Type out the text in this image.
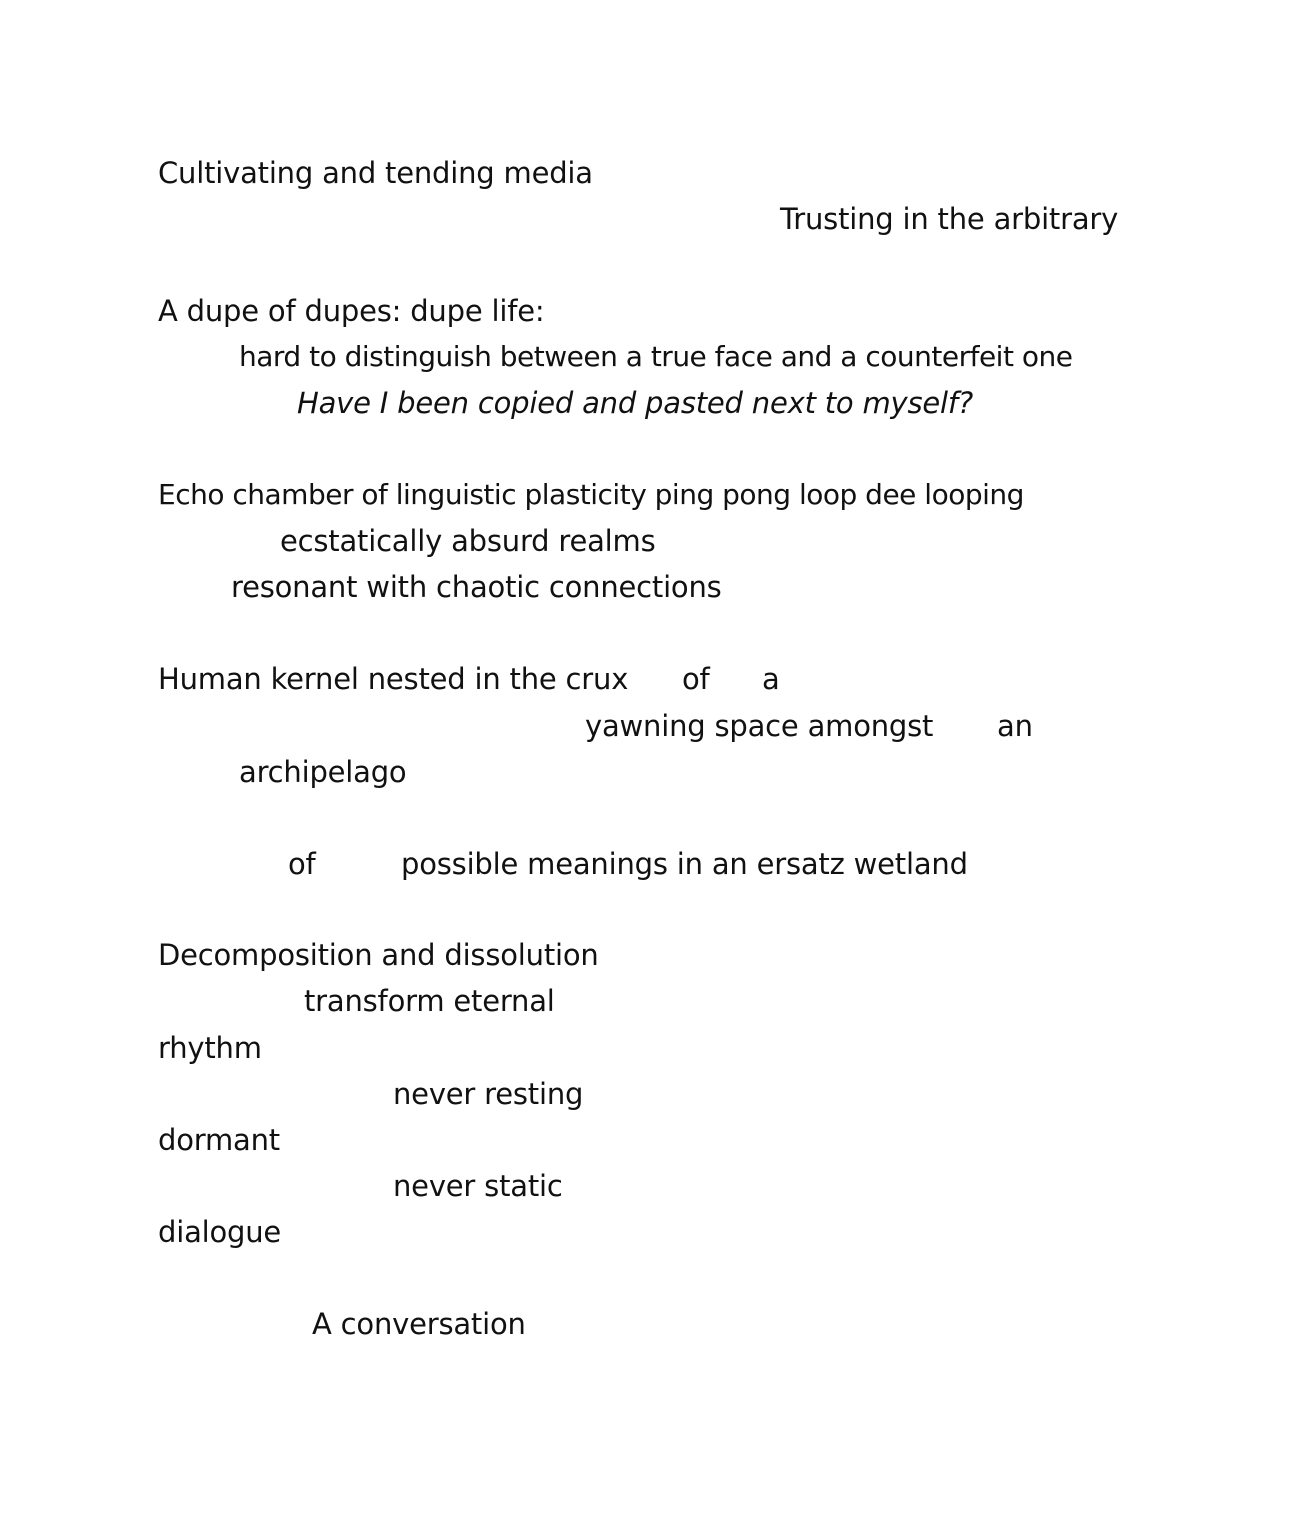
Cultivating and tending media
Trusting in the arbitrary
A dupe of dupes: dupe life:
hard to distinguish between a true face and a counterfeit one
Have I been copied and pasted next to myself?
Echo chamber of linguistic plasticity ping pong loop dee looping
ecstatically absurd realms
resonant with chaotic connections
Human kernel nested in the crux of a
yawning space amongst an
archipelago
of	possible meanings in an ersatz wetland
Decomposition and dissolution
transform eternal
rhythm
never resting
dormant
never static
dialogue
A conversation
